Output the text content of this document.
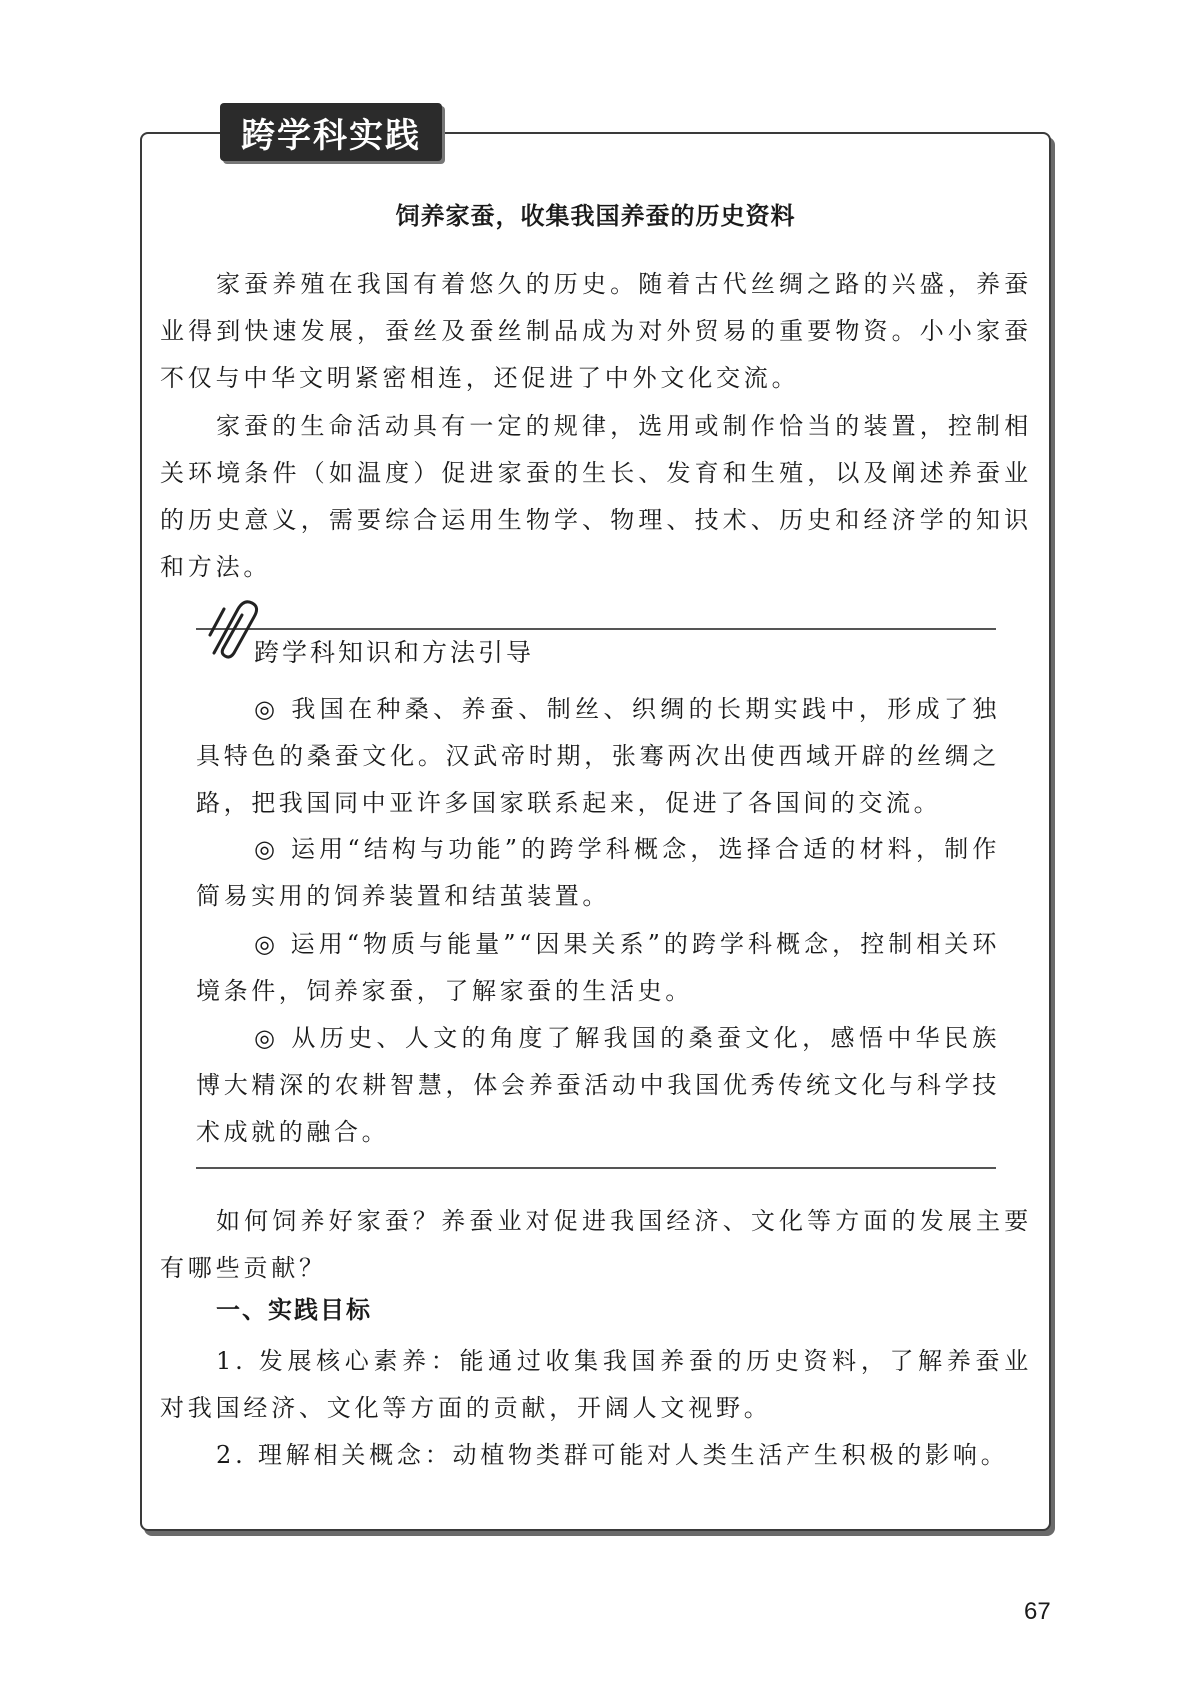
跨学科实践
饲养家蚕，收集我国养蚕的历史资料

家蚕养殖在我国有着悠久的历史。随着古代丝绸之路的兴盛，养蚕业得到快速发展，蚕丝及蚕丝制品成为对外贸易的重要物资。小小家蚕不仅与中华文明紧密相连，还促进了中外文化交流。

家蚕的生命活动具有一定的规律，选用或制作恰当的装置，控制相关环境条件（如温度）促进家蚕的生长、发育和生殖，以及阐述养蚕业的历史意义，需要综合运用生物学、物理、技术、历史和经济学的知识和方法。

跨学科知识和方法引导

◎ 我国在种桑、养蚕、制丝、织绸的长期实践中，形成了独具特色的桑蚕文化。汉武帝时期，张骞两次出使西域开辟的丝绸之路，把我国同中亚许多国家联系起来，促进了各国间的交流。

◎ 运用“结构与功能”的跨学科概念，选择合适的材料，制作简易实用的饲养装置和结茧装置。

◎ 运用“物质与能量”“因果关系”的跨学科概念，控制相关环境条件，饲养家蚕，了解家蚕的生活史。

◎ 从历史、人文的角度了解我国的桑蚕文化，感悟中华民族博大精深的农耕智慧，体会养蚕活动中我国优秀传统文化与科学技术成就的融合。

如何饲养好家蚕？养蚕业对促进我国经济、文化等方面的发展主要有哪些贡献？

一、实践目标

1. 发展核心素养：能通过收集我国养蚕的历史资料，了解养蚕业对我国经济、文化等方面的贡献，开阔人文视野。

2. 理解相关概念：动植物类群可能对人类生活产生积极的影响。

67
